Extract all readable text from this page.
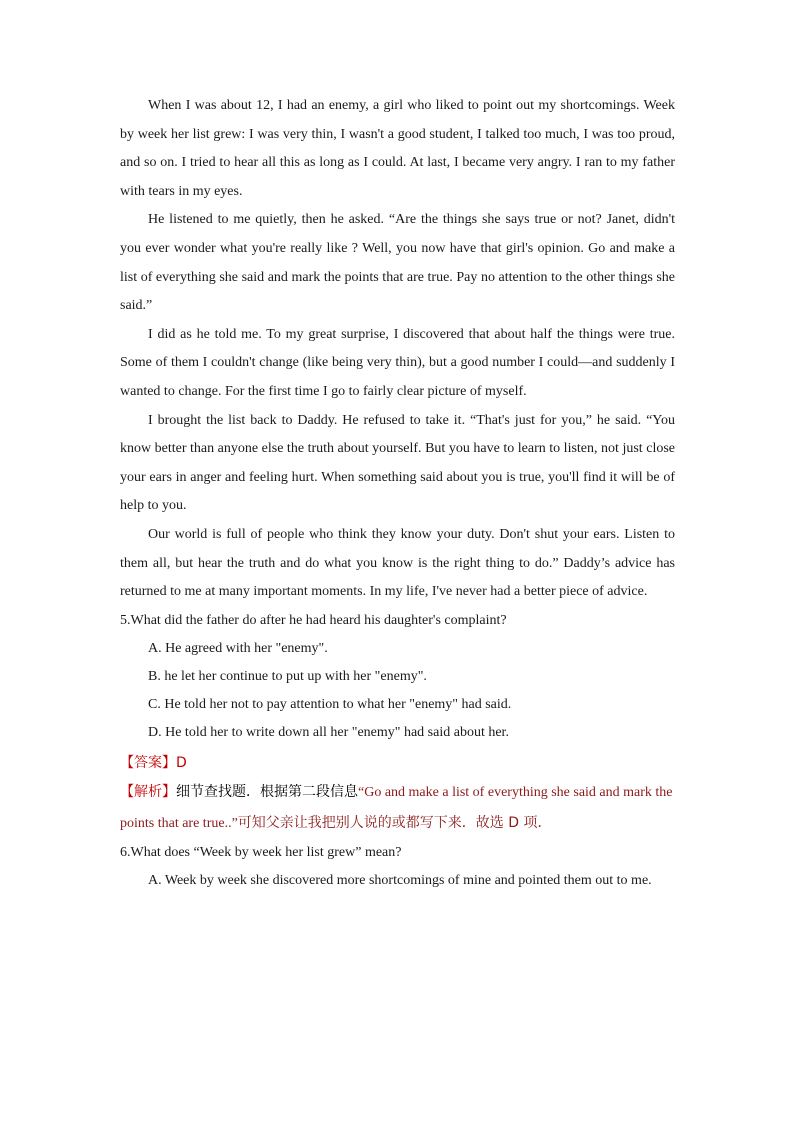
When I was about 12, I had an enemy, a girl who liked to point out my shortcomings. Week by week her list grew: I was very thin, I wasn't a good student, I talked too much, I was too proud, and so on. I tried to hear all this as long as I could. At last, I became very angry. I ran to my father with tears in my eyes.

He listened to me quietly, then he asked. “Are the things she says true or not? Janet, didn't you ever wonder what you're really like ? Well, you now have that girl's opinion. Go and make a list of everything she said and mark the points that are true. Pay no attention to the other things she said.”

I did as he told me. To my great surprise, I discovered that about half the things were true. Some of them I couldn't change (like being very thin), but a good number I could—and suddenly I wanted to change. For the first time I go to fairly clear picture of myself.

I brought the list back to Daddy. He refused to take it. “That's just for you,” he said. “You know better than anyone else the truth about yourself. But you have to learn to listen, not just close your ears in anger and feeling hurt. When something said about you is true, you'll find it will be of help to you.

Our world is full of people who think they know your duty. Don't shut your ears. Listen to them all, but hear the truth and do what you know is the right thing to do.” Daddy’s advice has returned to me at many important moments. In my life, I've never had a better piece of advice.

5.What did the father do after he had heard his daughter's complaint?

A. He agreed with her "enemy".

B. he let her continue to put up with her "enemy".

C. He told her not to pay attention to what her "enemy" had said.

D. He told her to write down all her "enemy" had said about her.

【答案】D

【解析】细节查找题．根据第二段信息“Go and make a list of everything she said and mark the points that are true..”可知父亲让我把别人说的或都写下来．故选 D 项．

6.What does “Week by week her list grew” mean?

A. Week by week she discovered more shortcomings of mine and pointed them out to me.
